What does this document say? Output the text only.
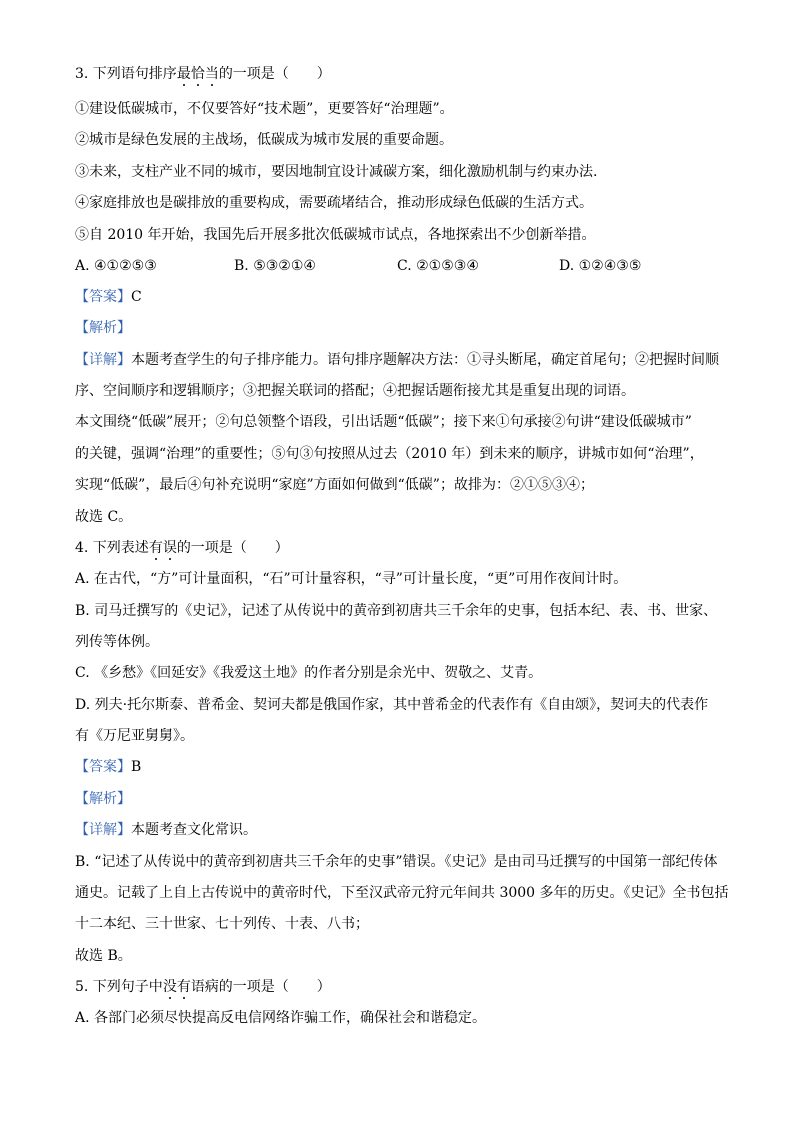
3. 下列语句排序最恰当的一项是（　　）
①建设低碳城市，不仅要答好“技术题”，更要答好“治理题”。
②城市是绿色发展的主战场，低碳成为城市发展的重要命题。
③未来，支柱产业不同的城市，要因地制宜设计减碳方案，细化激励机制与约束办法.
④家庭排放也是碳排放的重要构成，需要疏堵结合，推动形成绿色低碳的生活方式。
⑤自 2010 年开始，我国先后开展多批次低碳城市试点，各地探索出不少创新举措。
A. ④①②⑤③	B. ⑤③②①④	C. ②①⑤③④	D. ①②④③⑤
【答案】C
【解析】
【详解】本题考查学生的句子排序能力。语句排序题解决方法：①寻头断尾，确定首尾句；②把握时间顺
序、空间顺序和逻辑顺序；③把握关联词的搭配；④把握话题衔接尤其是重复出现的词语。
本文围绕“低碳”展开；②句总领整个语段，引出话题“低碳”；接下来①句承接②句讲“建设低碳城市”
的关键，强调“治理”的重要性；⑤句③句按照从过去（2010 年）到未来的顺序，讲城市如何“治理”，
实现“低碳”，最后④句补充说明“家庭”方面如何做到“低碳”；故排为：②①⑤③④；
故选 C。
4. 下列表述有误的一项是（　　）
A. 在古代，“方”可计量面积，“石”可计量容积，“寻”可计量长度，“更”可用作夜间计时。
B. 司马迁撰写的《史记》，记述了从传说中的黄帝到初唐共三千余年的史事，包括本纪、表、书、世家、
列传等体例。
C. 《乡愁》《回延安》《我爱这土地》的作者分别是余光中、贺敬之、艾青。
D. 列夫·托尔斯泰、普希金、契诃夫都是俄国作家，其中普希金的代表作有《自由颂》，契诃夫的代表作
有《万尼亚舅舅》。
【答案】B
【解析】
【详解】本题考查文化常识。
B. “记述了从传说中的黄帝到初唐共三千余年的史事”错误。《史记》是由司马迁撰写的中国第一部纪传体
通史。记载了上自上古传说中的黄帝时代，下至汉武帝元狩元年间共 3000 多年的历史。《史记》全书包括
十二本纪、三十世家、七十列传、十表、八书；
故选 B。
5. 下列句子中没有语病的一项是（　　）
A. 各部门必须尽快提高反电信网络诈骗工作，确保社会和谐稳定。
